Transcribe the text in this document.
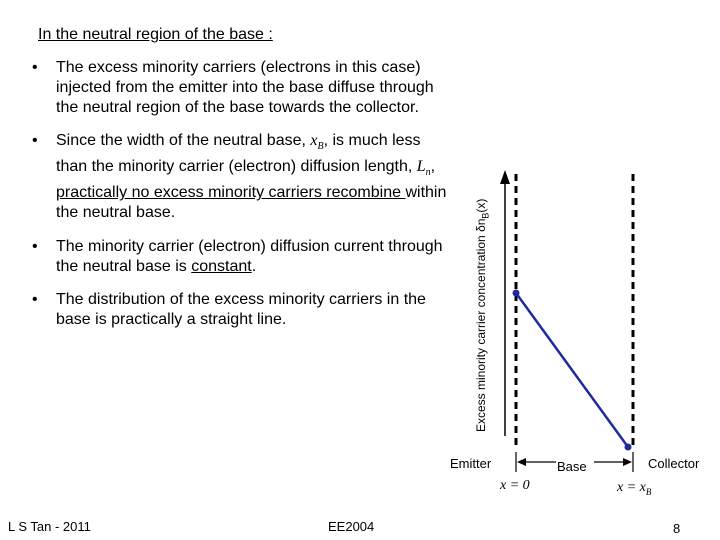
In the neutral region of the base :
• The excess minority carriers (electrons in this case) injected from the emitter into the base diffuse through the neutral region of the base towards the collector.
• Since the width of the neutral base, $x_B$, is much less than the minority carrier (electron) diffusion length, $L_n$, practically no excess minority carriers recombine within the neutral base.
• The minority carrier (electron) diffusion current through the neutral base is constant.
• The distribution of the excess minority carriers in the base is practically a straight line.	Excess minority carrier concentration $\delta n_B(x)$
Emitter	Base	Collector
x = 0	$x = x_B$
L S Tan - 2011	EE2004	8
